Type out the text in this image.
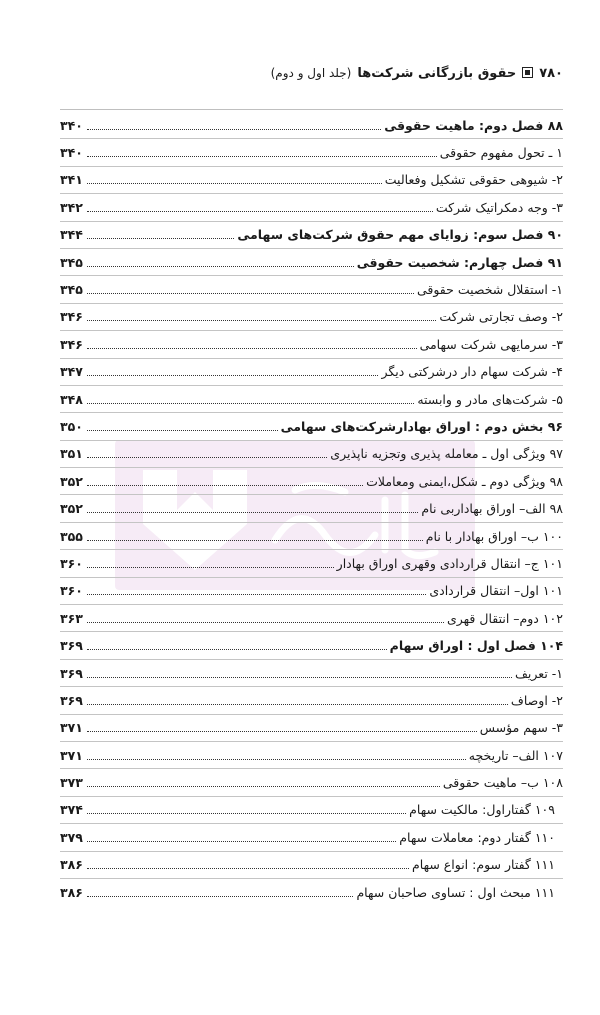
۷۸۰
حقوق بازرگانی شرکت‌ها
(جلد اول و دوم)
۸۸ فصل دوم: ماهیت حقوقی
۳۴۰
۱ ـ تحول مفهوم حقوقی
۳۴۰
۲- شیوهی حقوقی تشکیل وفعالیت
۳۴۱
۳- وجه دمکراتیک شرکت
۳۴۲
۹۰ فصل سوم: زوایای مهم حقوق شرکت‌های سهامی
۳۴۴
۹۱ فصل چهارم: شخصیت حقوقی
۳۴۵
۱- استقلال شخصیت حقوقی
۳۴۵
۲- وصف تجارتی شرکت
۳۴۶
۳- سرمایهی شرکت سهامی
۳۴۶
۴- شرکت سهام دار درشرکتی دیگر
۳۴۷
۵- شرکت‌های مادر و وابسته
۳۴۸
۹۶ بخش دوم : اوراق بهادارشرکت‌های سهامی
۳۵۰
۹۷ ویژگی اول ـ معامله پذیری وتجزیه ناپذیری
۳۵۱
۹۸ ویژگی دوم ـ شکل،ایمنی ومعاملات
۳۵۲
۹۸ الف– اوراق بهاداربی نام
۳۵۲
۱۰۰ ب– اوراق بهادار با نام
۳۵۵
۱۰۱ ج– انتقال قراردادی وقهری اوراق بهادار
۳۶۰
۱۰۱ اول– انتقال قراردادی
۳۶۰
۱۰۲ دوم– انتقال قهری
۳۶۳
۱۰۴ فصل اول : اوراق سهام
۳۶۹
۱- تعریف
۳۶۹
۲- اوصاف
۳۶۹
۳- سهم مؤسس
۳۷۱
۱۰۷ الف– تاریخچه
۳۷۱
۱۰۸ ب– ماهیت حقوقی
۳۷۳
۱۰۹ گفتاراول: مالکیت سهام
۳۷۴
۱۱۰ گفتار دوم: معاملات سهام
۳۷۹
۱۱۱ گفتار سوم: انواع سهام
۳۸۶
۱۱۱ مبحث اول : تساوی صاحبان سهام
۳۸۶
